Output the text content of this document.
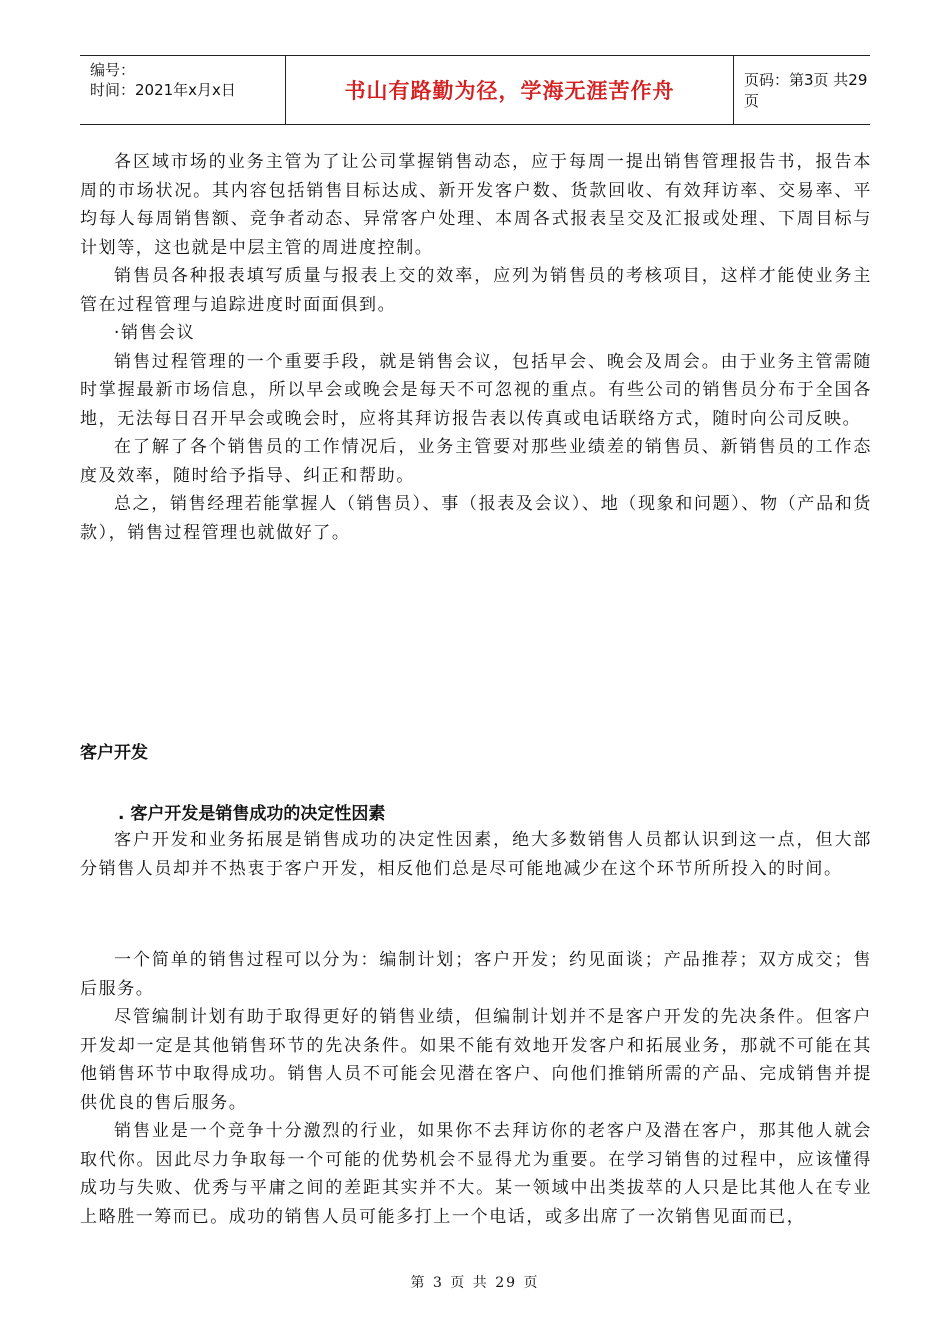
编号：
时间：2021年x月x日	书山有路勤为径，学海无涯苦作舟	页码：第3页 共29页

各区域市场的业务主管为了让公司掌握销售动态，应于每周一提出销售管理报告书，报告本周的市场状况。其内容包括销售目标达成、新开发客户数、货款回收、有效拜访率、交易率、平均每人每周销售额、竞争者动态、异常客户处理、本周各式报表呈交及汇报或处理、下周目标与计划等，这也就是中层主管的周进度控制。

销售员各种报表填写质量与报表上交的效率，应列为销售员的考核项目，这样才能使业务主管在过程管理与追踪进度时面面俱到。

·销售会议

销售过程管理的一个重要手段，就是销售会议，包括早会、晚会及周会。由于业务主管需随时掌握最新市场信息，所以早会或晚会是每天不可忽视的重点。有些公司的销售员分布于全国各地，无法每日召开早会或晚会时，应将其拜访报告表以传真或电话联络方式，随时向公司反映。

在了解了各个销售员的工作情况后，业务主管要对那些业绩差的销售员、新销售员的工作态度及效率，随时给予指导、纠正和帮助。

总之，销售经理若能掌握人（销售员）、事（报表及会议）、地（现象和问题）、物（产品和货款），销售过程管理也就做好了。

客户开发
. 客户开发是销售成功的决定性因素

客户开发和业务拓展是销售成功的决定性因素，绝大多数销售人员都认识到这一点，但大部分销售人员却并不热衷于客户开发，相反他们总是尽可能地减少在这个环节所所投入的时间。

一个简单的销售过程可以分为：编制计划；客户开发；约见面谈；产品推荐；双方成交；售后服务。

尽管编制计划有助于取得更好的销售业绩，但编制计划并不是客户开发的先决条件。但客户开发却一定是其他销售环节的先决条件。如果不能有效地开发客户和拓展业务，那就不可能在其他销售环节中取得成功。销售人员不可能会见潜在客户、向他们推销所需的产品、完成销售并提供优良的售后服务。

销售业是一个竞争十分激烈的行业，如果你不去拜访你的老客户及潜在客户，那其他人就会取代你。因此尽力争取每一个可能的优势机会不显得尤为重要。在学习销售的过程中，应该懂得成功与失败、优秀与平庸之间的差距其实并不大。某一领域中出类拔萃的人只是比其他人在专业上略胜一筹而已。成功的销售人员可能多打上一个电话，或多出席了一次销售见面而已，

第 3 页 共 29 页
